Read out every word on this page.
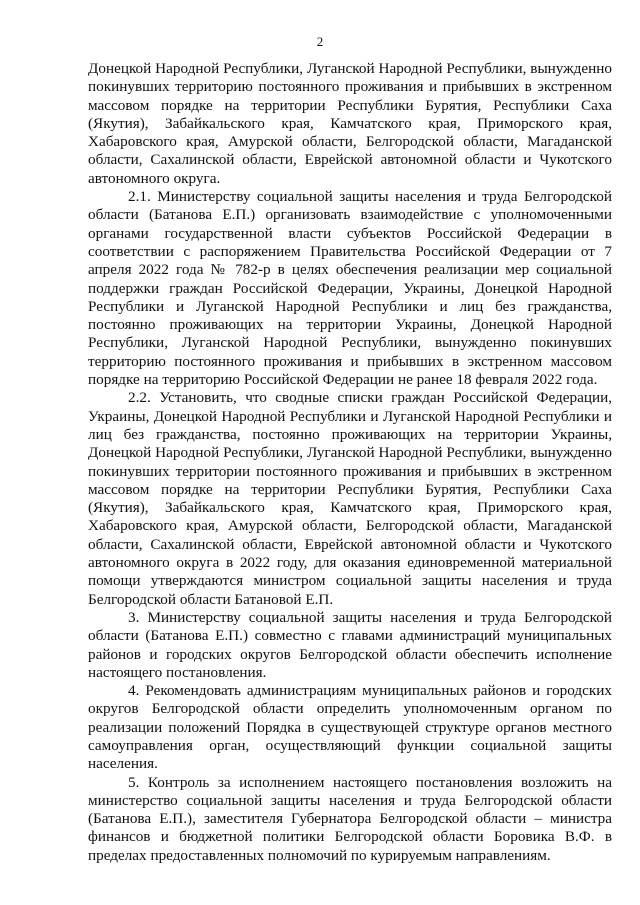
2

Донецкой Народной Республики, Луганской Народной Республики, вынужденно покинувших территорию постоянного проживания и прибывших в экстренном массовом порядке на территории Республики Бурятия, Республики Саха (Якутия), Забайкальского края, Камчатского края, Приморского края, Хабаровского края, Амурской области, Белгородской области, Магаданской области, Сахалинской области, Еврейской автономной области и Чукотского автономного округа.

2.1. Министерству социальной защиты населения и труда Белгородской области (Батанова Е.П.) организовать взаимодействие с уполномоченными органами государственной власти субъектов Российской Федерации в соответствии с распоряжением Правительства Российской Федерации от 7 апреля 2022 года № 782-р в целях обеспечения реализации мер социальной поддержки граждан Российской Федерации, Украины, Донецкой Народной Республики и Луганской Народной Республики и лиц без гражданства, постоянно проживающих на территории Украины, Донецкой Народной Республики, Луганской Народной Республики, вынужденно покинувших территорию постоянного проживания и прибывших в экстренном массовом порядке на территорию Российской Федерации не ранее 18 февраля 2022 года.

2.2. Установить, что сводные списки граждан Российской Федерации, Украины, Донецкой Народной Республики и Луганской Народной Республики и лиц без гражданства, постоянно проживающих на территории Украины, Донецкой Народной Республики, Луганской Народной Республики, вынужденно покинувших территории постоянного проживания и прибывших в экстренном массовом порядке на территории Республики Бурятия, Республики Саха (Якутия), Забайкальского края, Камчатского края, Приморского края, Хабаровского края, Амурской области, Белгородской области, Магаданской области, Сахалинской области, Еврейской автономной области и Чукотского автономного округа в 2022 году, для оказания единовременной материальной помощи утверждаются министром социальной защиты населения и труда Белгородской области Батановой Е.П.

3. Министерству социальной защиты населения и труда Белгородской области (Батанова Е.П.) совместно с главами администраций муниципальных районов и городских округов Белгородской области обеспечить исполнение настоящего постановления.

4. Рекомендовать администрациям муниципальных районов и городских округов Белгородской области определить уполномоченным органом по реализации положений Порядка в существующей структуре органов местного самоуправления орган, осуществляющий функции социальной защиты населения.

5. Контроль за исполнением настоящего постановления возложить на министерство социальной защиты населения и труда Белгородской области (Батанова Е.П.), заместителя Губернатора Белгородской области – министра финансов и бюджетной политики Белгородской области Боровика В.Ф. в пределах предоставленных полномочий по курируемым направлениям.
